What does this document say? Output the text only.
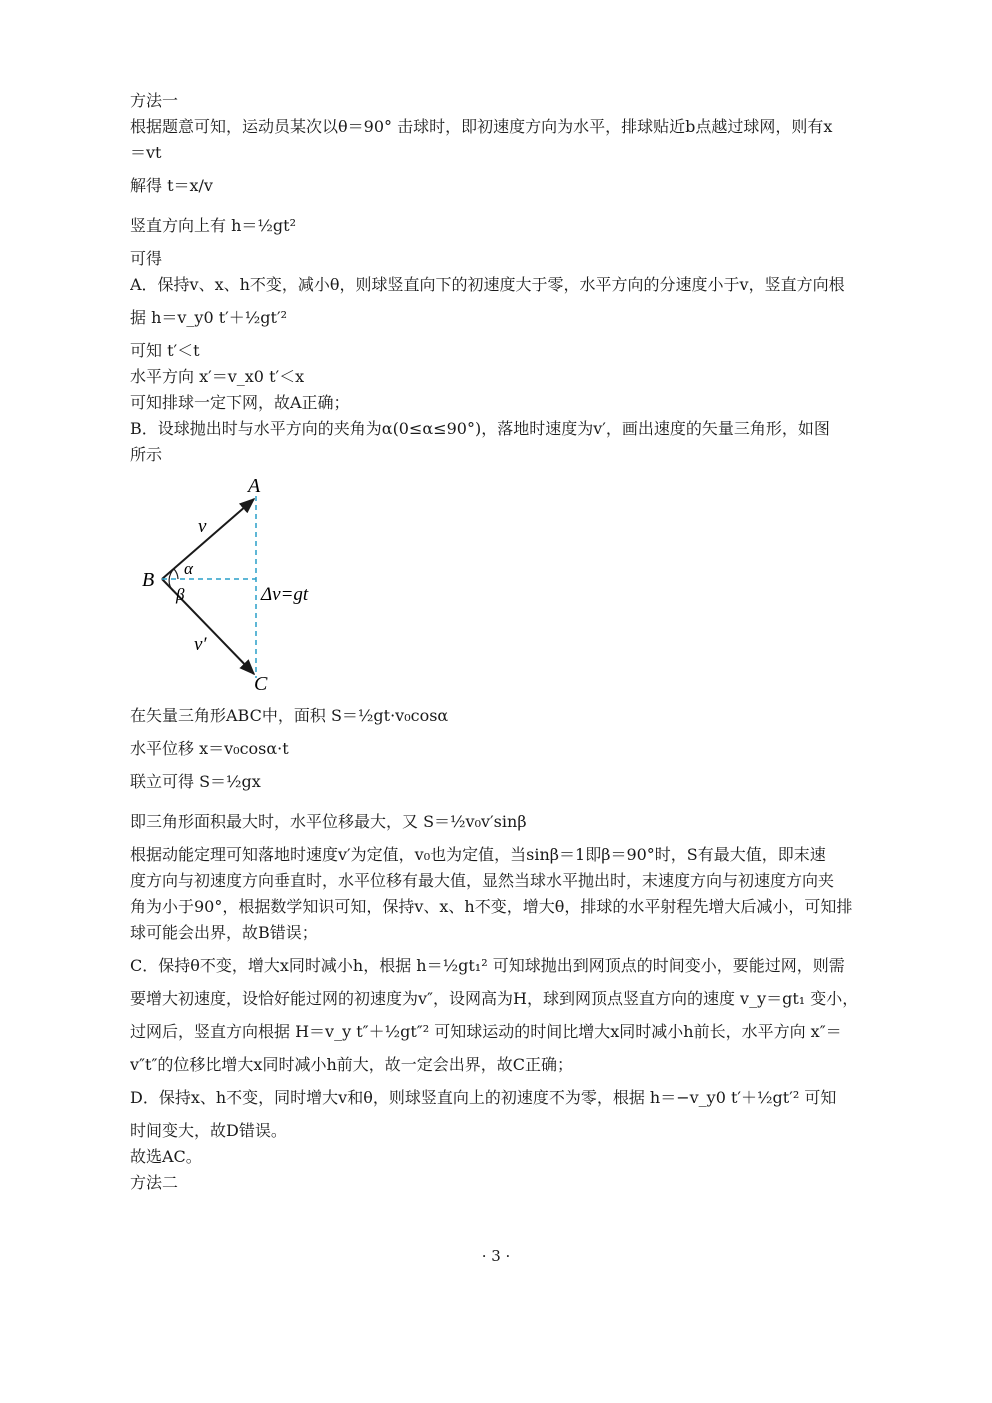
方法一
根据题意可知，运动员某次以θ＝90° 击球时，即初速度方向为水平，排球贴近b点越过球网，则有x
＝vt
解得 t＝x/v
竖直方向上有 h＝½gt²
可得
A．保持v、x、h不变，减小θ，则球竖直向下的初速度大于零，水平方向的分速度小于v，竖直方向根
据 h＝v_y0 t′＋½gt′²
可知 t′＜t
水平方向 x′＝v_x0 t′＜x
可知排球一定下网，故A正确；
B．设球抛出时与水平方向的夹角为α(0≤α≤90°)，落地时速度为v′，画出速度的矢量三角形，如图
所示
A
B
C
v
v′
α
β	Δv=gt
在矢量三角形ABC中，面积 S＝½gt·v₀cosα
水平位移 x＝v₀cosα·t
联立可得 S＝½gx
即三角形面积最大时，水平位移最大，又 S＝½v₀v′sinβ
根据动能定理可知落地时速度v′为定值，v₀也为定值，当sinβ＝1即β＝90°时，S有最大值，即末速
度方向与初速度方向垂直时，水平位移有最大值，显然当球水平抛出时，末速度方向与初速度方向夹
角为小于90°，根据数学知识可知，保持v、x、h不变，增大θ，排球的水平射程先增大后减小，可知排
球可能会出界，故B错误；
C．保持θ不变，增大x同时减小h，根据 h＝½gt₁² 可知球抛出到网顶点的时间变小，要能过网，则需
要增大初速度，设恰好能过网的初速度为v″，设网高为H，球到网顶点竖直方向的速度 v_y＝gt₁ 变小，
过网后，竖直方向根据 H＝v_y t″＋½gt″² 可知球运动的时间比增大x同时减小h前长，水平方向 x″＝
v″t″的位移比增大x同时减小h前大，故一定会出界，故C正确；
D．保持x、h不变，同时增大v和θ，则球竖直向上的初速度不为零，根据 h＝−v_y0 t′＋½gt′² 可知
时间变大，故D错误。
故选AC。
方法二
· 3 ·
